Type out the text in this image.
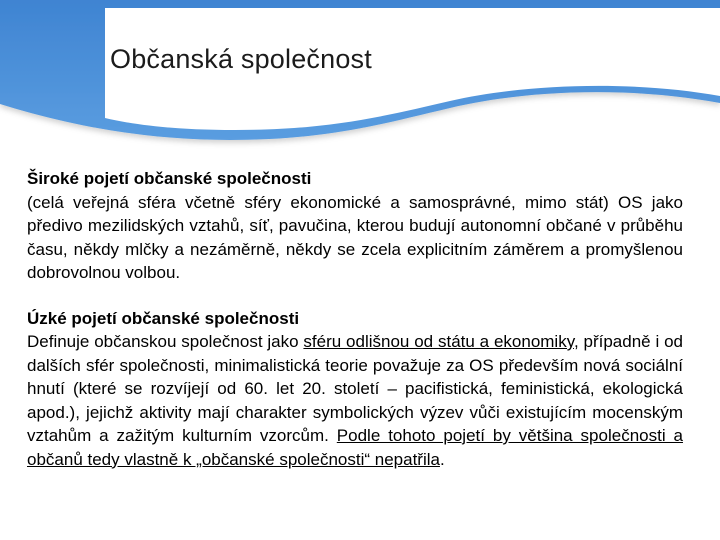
Občanská společnost
Široké pojetí občanské společnosti
(celá veřejná sféra včetně sféry ekonomické a samosprávné, mimo stát) OS jako předivo mezilidských vztahů, síť, pavučina, kterou budují autonomní občané v průběhu času, někdy mlčky a nezáměrně, někdy se zcela explicitním záměrem a promyšlenou dobrovolnou volbou.
Úzké pojetí občanské společnosti
Definuje občanskou společnost jako sféru odlišnou od státu a ekonomiky, případně i od dalších sfér společnosti, minimalistická teorie považuje za OS především nová sociální hnutí (které se rozvíjejí od 60. let 20. století – pacifistická, feministická, ekologická apod.), jejichž aktivity mají charakter symbolických výzev vůči existujícím mocenským vztahům a zažitým kulturním vzorcům. Podle tohoto pojetí by většina společnosti a občanů tedy vlastně k „občanské společnosti“ nepatřila.
